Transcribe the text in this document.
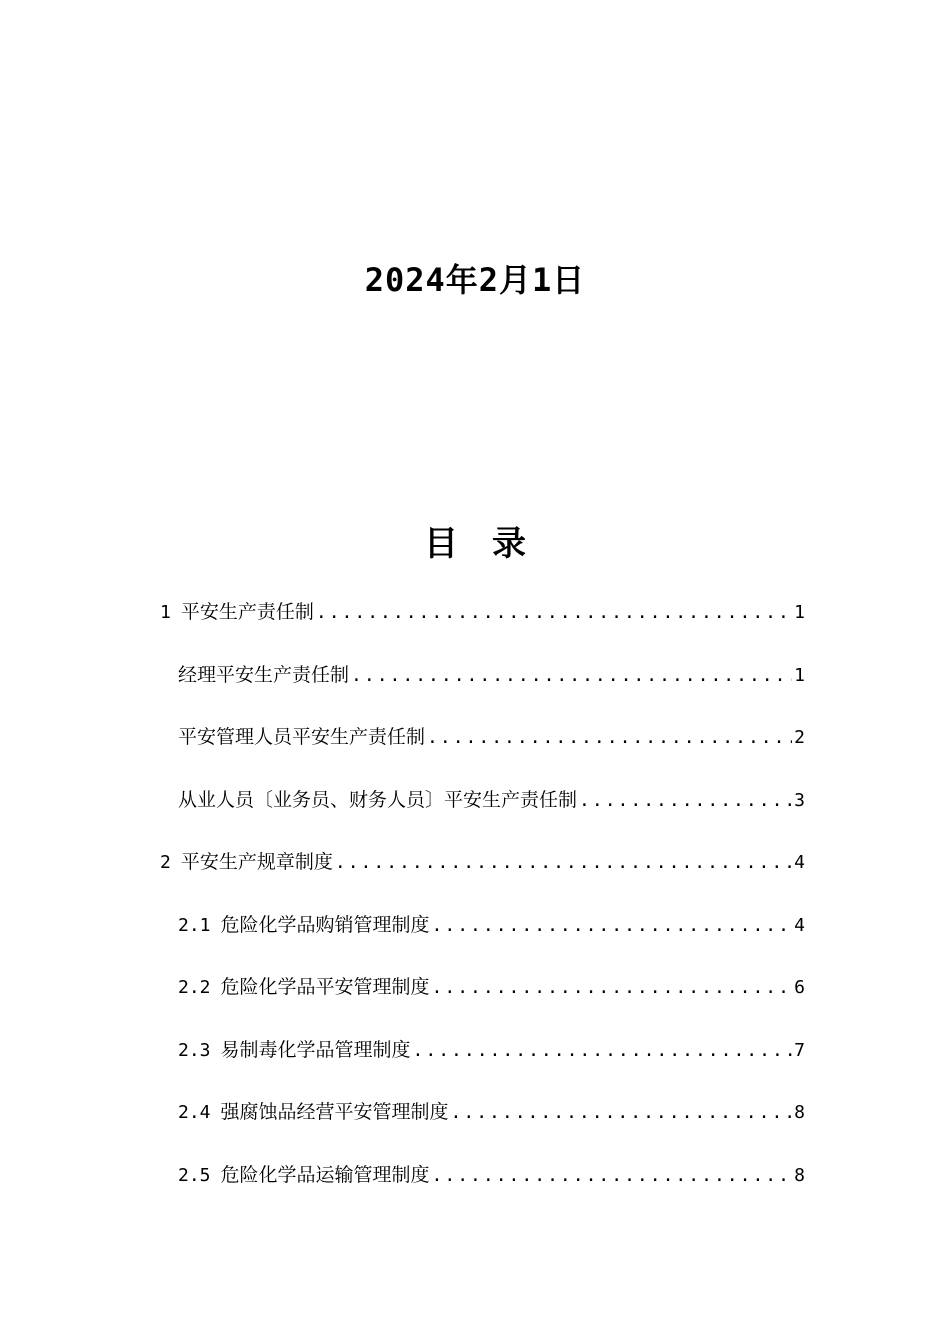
2024年2月1日
目 录
1 平安生产责任制 .....	1
经理平安生产责任制 .....	1
平安管理人员平安生产责任制 .....	2
从业人员〔业务员、财务人员〕平安生产责任制 .....	3
2 平安生产规章制度 .....	4
2.1 危险化学品购销管理制度 .....	4
2.2 危险化学品平安管理制度 .....	6
2.3 易制毒化学品管理制度 .....	7
2.4 强腐蚀品经营平安管理制度 .....	8
2.5 危险化学品运输管理制度 .....	8
